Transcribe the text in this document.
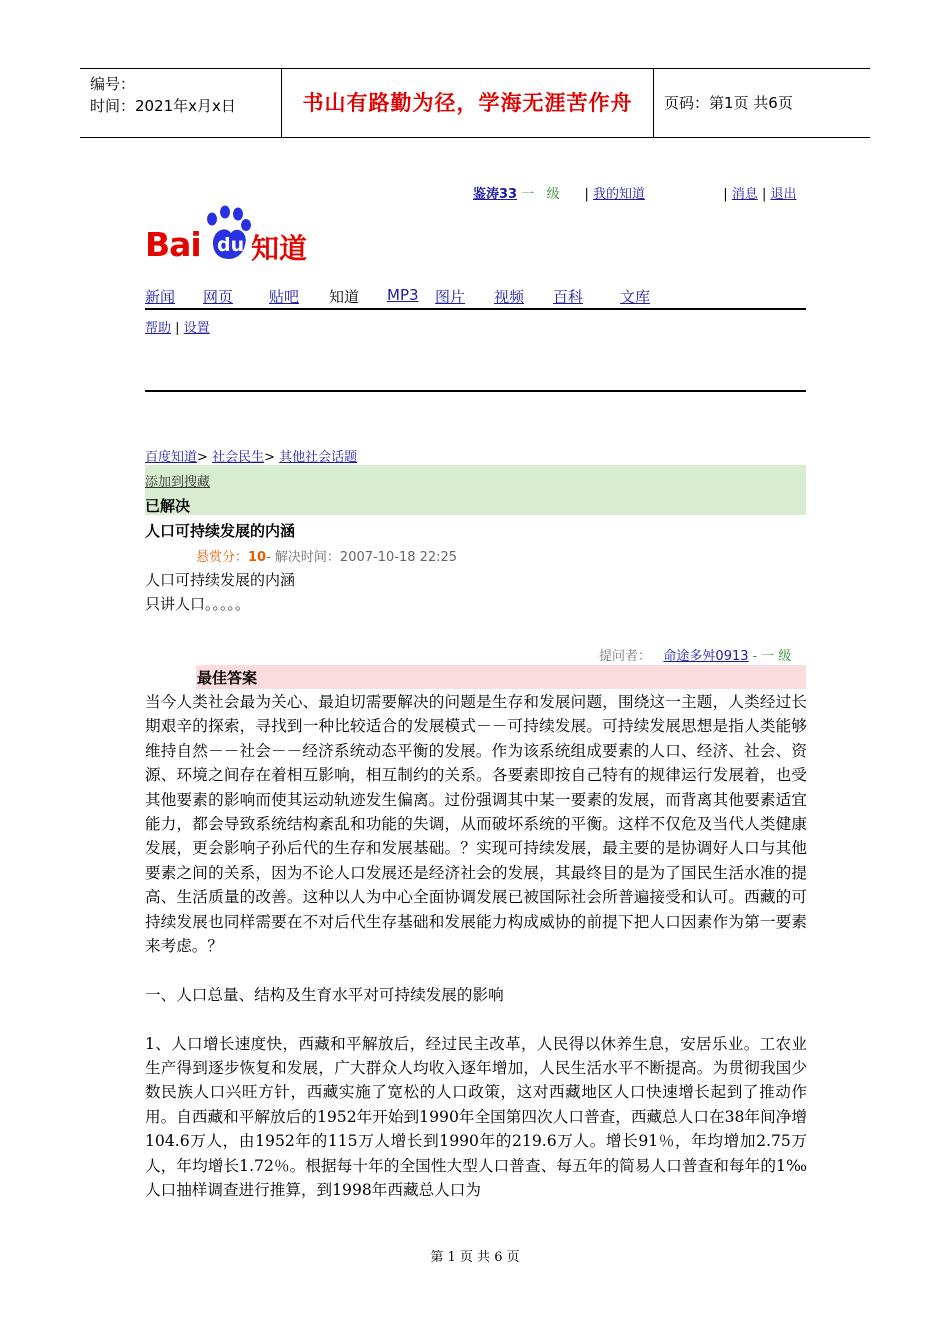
编号：
时间：2021年x月x日	书山有路勤为径，学海无涯苦作舟	页码：第1页 共6页
鉴涛33 一 级 | 我的知道	| 消息 | 退出
Bai du 知道
新闻 网页 贴吧 知道 MP3 图片 视频 百科 文库
帮助 | 设置
百度知道> 社会民生> 其他社会话题
添加到搜藏
已解决
人口可持续发展的内涵
悬赏分：10- 解决时间：2007-10-18 22:25
人口可持续发展的内涵
只讲人口。。。。。
提问者： 命途多舛0913 - 一 级
最佳答案

当今人类社会最为关心、最迫切需要解决的问题是生存和发展问题，围绕这一主题，人类经过长期艰辛的探索，寻找到一种比较适合的发展模式－－可持续发展。可持续发展思想是指人类能够维持自然－－社会－－经济系统动态平衡的发展。作为该系统组成要素的人口、经济、社会、资源、环境之间存在着相互影响，相互制约的关系。各要素即按自己特有的规律运行发展着，也受其他要素的影响而使其运动轨迹发生偏离。过份强调其中某一要素的发展，而背离其他要素适宜能力，都会导致系统结构紊乱和功能的失调，从而破坏系统的平衡。这样不仅危及当代人类健康发展，更会影响子孙后代的生存和发展基础。？实现可持续发展，最主要的是协调好人口与其他要素之间的关系，因为不论人口发展还是经济社会的发展，其最终目的是为了国民生活水准的提高、生活质量的改善。这种以人为中心全面协调发展已被国际社会所普遍接受和认可。西藏的可持续发展也同样需要在不对后代生存基础和发展能力构成威协的前提下把人口因素作为第一要素来考虑。？

一、人口总量、结构及生育水平对可持续发展的影响

1、人口增长速度快，西藏和平解放后，经过民主改革，人民得以休养生息，安居乐业。工农业生产得到逐步恢复和发展，广大群众人均收入逐年增加，人民生活水平不断提高。为贯彻我国少数民族人口兴旺方针，西藏实施了宽松的人口政策，这对西藏地区人口快速增长起到了推动作用。自西藏和平解放后的1952年开始到1990年全国第四次人口普查，西藏总人口在38年间净增104.6万人，由1952年的115万人增长到1990年的219.6万人。增长91％，年均增加2.75万人，年均增长1.72％。根据每十年的全国性大型人口普查、每五年的简易人口普查和每年的1‰人口抽样调查进行推算，到1998年西藏总人口为

第 1 页 共 6 页
